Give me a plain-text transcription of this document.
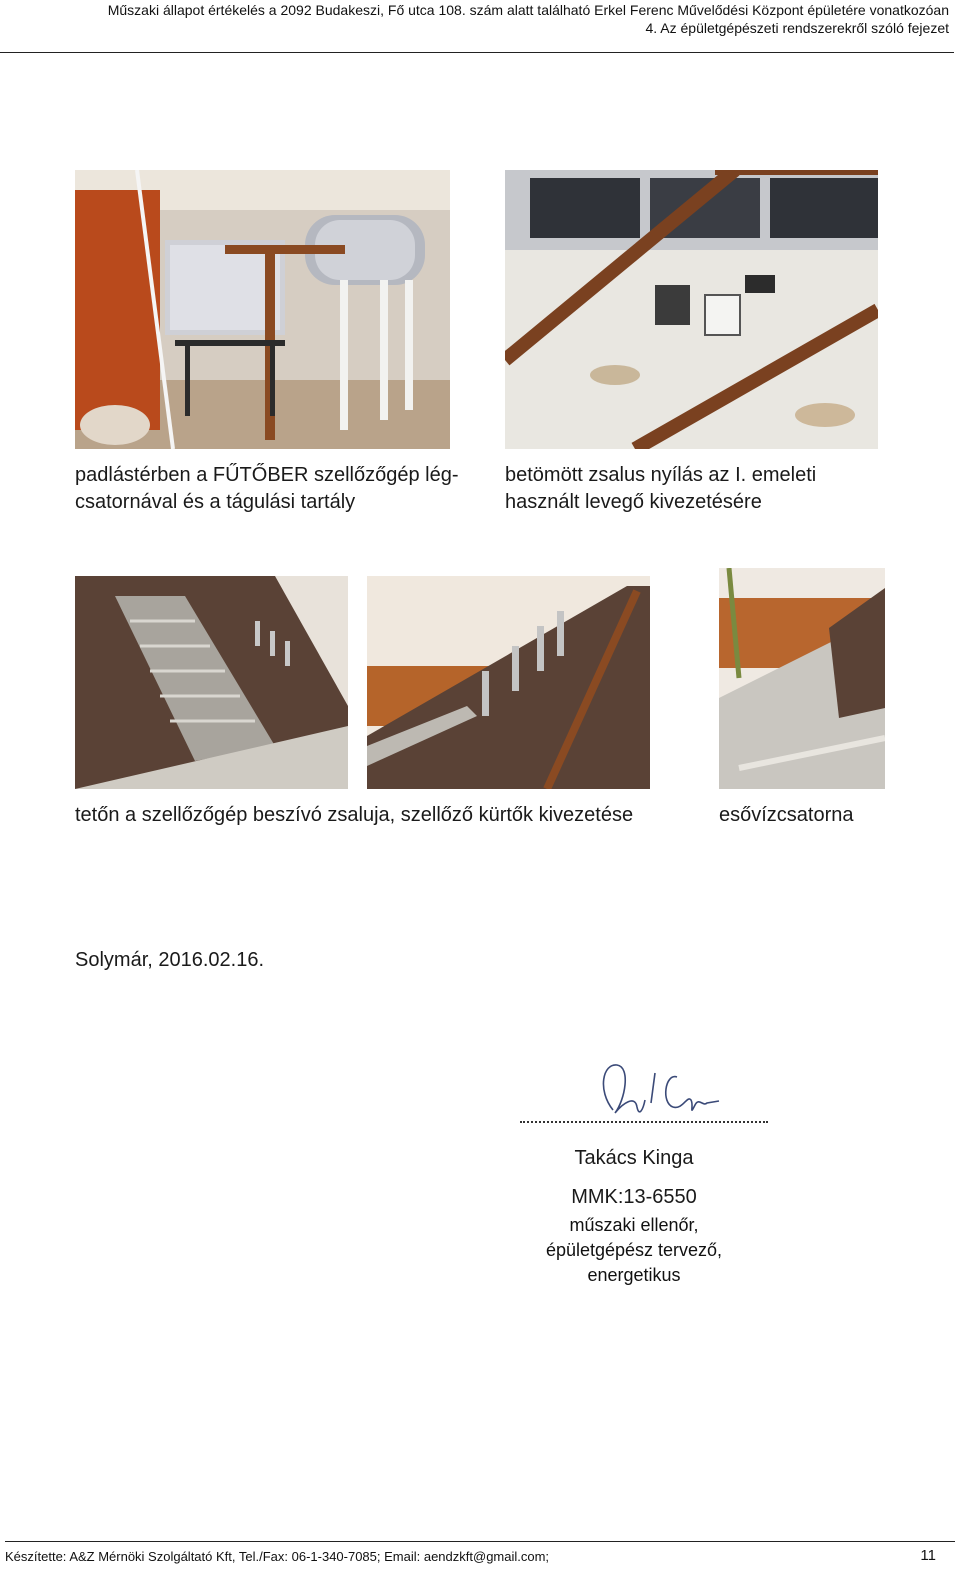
Műszaki állapot értékelés a 2092 Budakeszi, Fő utca 108. szám alatt található Erkel Ferenc Művelődési Központ épületére vonatkozóan
4. Az épületgépészeti rendszerekről szóló fejezet
padlástérben a FŰTŐBER szellőzőgép lég-csatornával és a tágulási tartály
betömött zsalus nyílás az I. emeleti használt levegő kivezetésére
tetőn a szellőzőgép beszívó zsaluja, szellőző kürtők kivezetése	esővízcsatorna
Solymár, 2016.02.16.
Takács Kinga
MMK:13-6550
műszaki ellenőr,
épületgépész tervező,
energetikus
Készítette: A&Z Mérnöki Szolgáltató Kft, Tel./Fax: 06-1-340-7085; Email: aendzkft@gmail.com;	11
